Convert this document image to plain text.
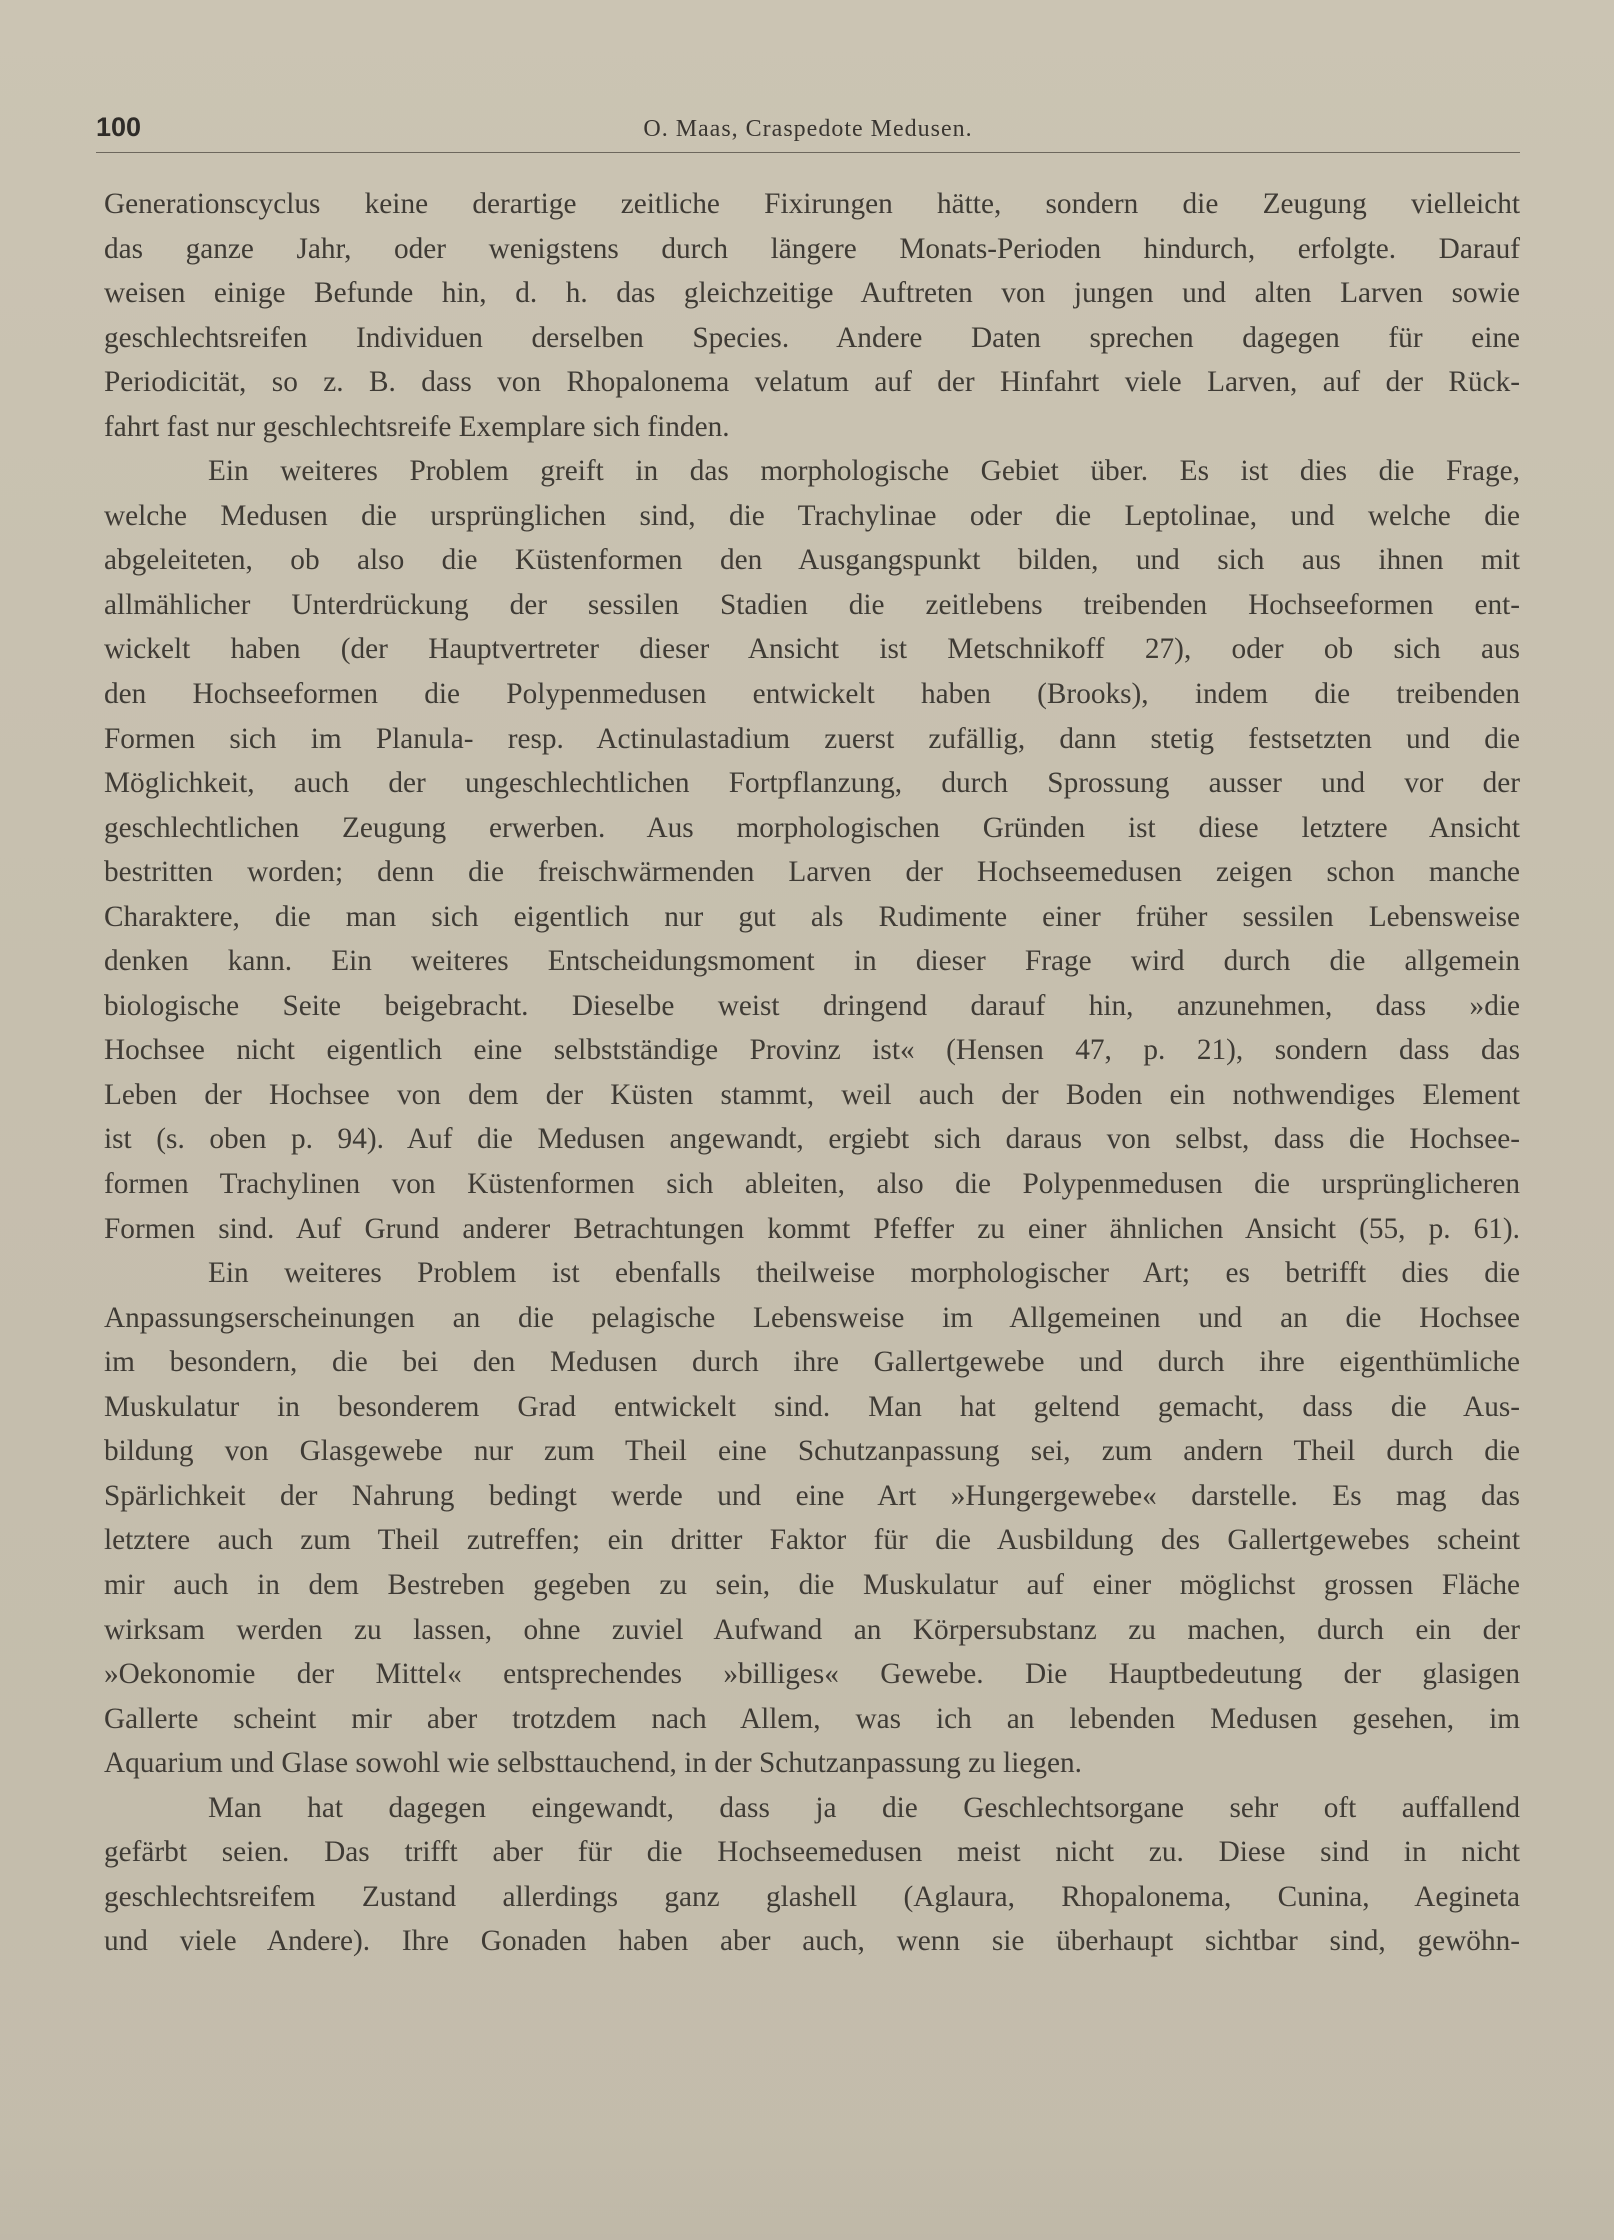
100	O. Maas, Craspedote Medusen.
Generationscyclus keine derartige zeitliche Fixirungen hätte, sondern die Zeugung vielleicht
das ganze Jahr, oder wenigstens durch längere Monats-Perioden hindurch, erfolgte. Darauf
weisen einige Befunde hin, d. h. das gleichzeitige Auftreten von jungen und alten Larven sowie
geschlechtsreifen Individuen derselben Species. Andere Daten sprechen dagegen für eine
Periodicität, so z. B. dass von Rhopalonema velatum auf der Hinfahrt viele Larven, auf der Rück-
fahrt fast nur geschlechtsreife Exemplare sich finden.
Ein weiteres Problem greift in das morphologische Gebiet über. Es ist dies die Frage,
welche Medusen die ursprünglichen sind, die Trachylinae oder die Leptolinae, und welche die
abgeleiteten, ob also die Küstenformen den Ausgangspunkt bilden, und sich aus ihnen mit
allmählicher Unterdrückung der sessilen Stadien die zeitlebens treibenden Hochseeformen ent-
wickelt haben (der Hauptvertreter dieser Ansicht ist Metschnikoff 27), oder ob sich aus
den Hochseeformen die Polypenmedusen entwickelt haben (Brooks), indem die treibenden
Formen sich im Planula- resp. Actinulastadium zuerst zufällig, dann stetig festsetzten und die
Möglichkeit, auch der ungeschlechtlichen Fortpflanzung, durch Sprossung ausser und vor der
geschlechtlichen Zeugung erwerben. Aus morphologischen Gründen ist diese letztere Ansicht
bestritten worden; denn die freischwärmenden Larven der Hochseemedusen zeigen schon manche
Charaktere, die man sich eigentlich nur gut als Rudimente einer früher sessilen Lebensweise
denken kann. Ein weiteres Entscheidungsmoment in dieser Frage wird durch die allgemein
biologische Seite beigebracht. Dieselbe weist dringend darauf hin, anzunehmen, dass »die
Hochsee nicht eigentlich eine selbstständige Provinz ist« (Hensen 47, p. 21), sondern dass das
Leben der Hochsee von dem der Küsten stammt, weil auch der Boden ein nothwendiges Element
ist (s. oben p. 94). Auf die Medusen angewandt, ergiebt sich daraus von selbst, dass die Hochsee-
formen Trachylinen von Küstenformen sich ableiten, also die Polypenmedusen die ursprünglicheren
Formen sind. Auf Grund anderer Betrachtungen kommt Pfeffer zu einer ähnlichen Ansicht (55, p. 61).
Ein weiteres Problem ist ebenfalls theilweise morphologischer Art; es betrifft dies die
Anpassungserscheinungen an die pelagische Lebensweise im Allgemeinen und an die Hochsee
im besondern, die bei den Medusen durch ihre Gallertgewebe und durch ihre eigenthümliche
Muskulatur in besonderem Grad entwickelt sind. Man hat geltend gemacht, dass die Aus-
bildung von Glasgewebe nur zum Theil eine Schutzanpassung sei, zum andern Theil durch die
Spärlichkeit der Nahrung bedingt werde und eine Art »Hungergewebe« darstelle. Es mag das
letztere auch zum Theil zutreffen; ein dritter Faktor für die Ausbildung des Gallertgewebes scheint
mir auch in dem Bestreben gegeben zu sein, die Muskulatur auf einer möglichst grossen Fläche
wirksam werden zu lassen, ohne zuviel Aufwand an Körpersubstanz zu machen, durch ein der
»Oekonomie der Mittel« entsprechendes »billiges« Gewebe. Die Hauptbedeutung der glasigen
Gallerte scheint mir aber trotzdem nach Allem, was ich an lebenden Medusen gesehen, im
Aquarium und Glase sowohl wie selbsttauchend, in der Schutzanpassung zu liegen.
Man hat dagegen eingewandt, dass ja die Geschlechtsorgane sehr oft auffallend
gefärbt seien. Das trifft aber für die Hochseemedusen meist nicht zu. Diese sind in nicht
geschlechtsreifem Zustand allerdings ganz glashell (Aglaura, Rhopalonema, Cunina, Aegineta
und viele Andere). Ihre Gonaden haben aber auch, wenn sie überhaupt sichtbar sind, gewöhn-
